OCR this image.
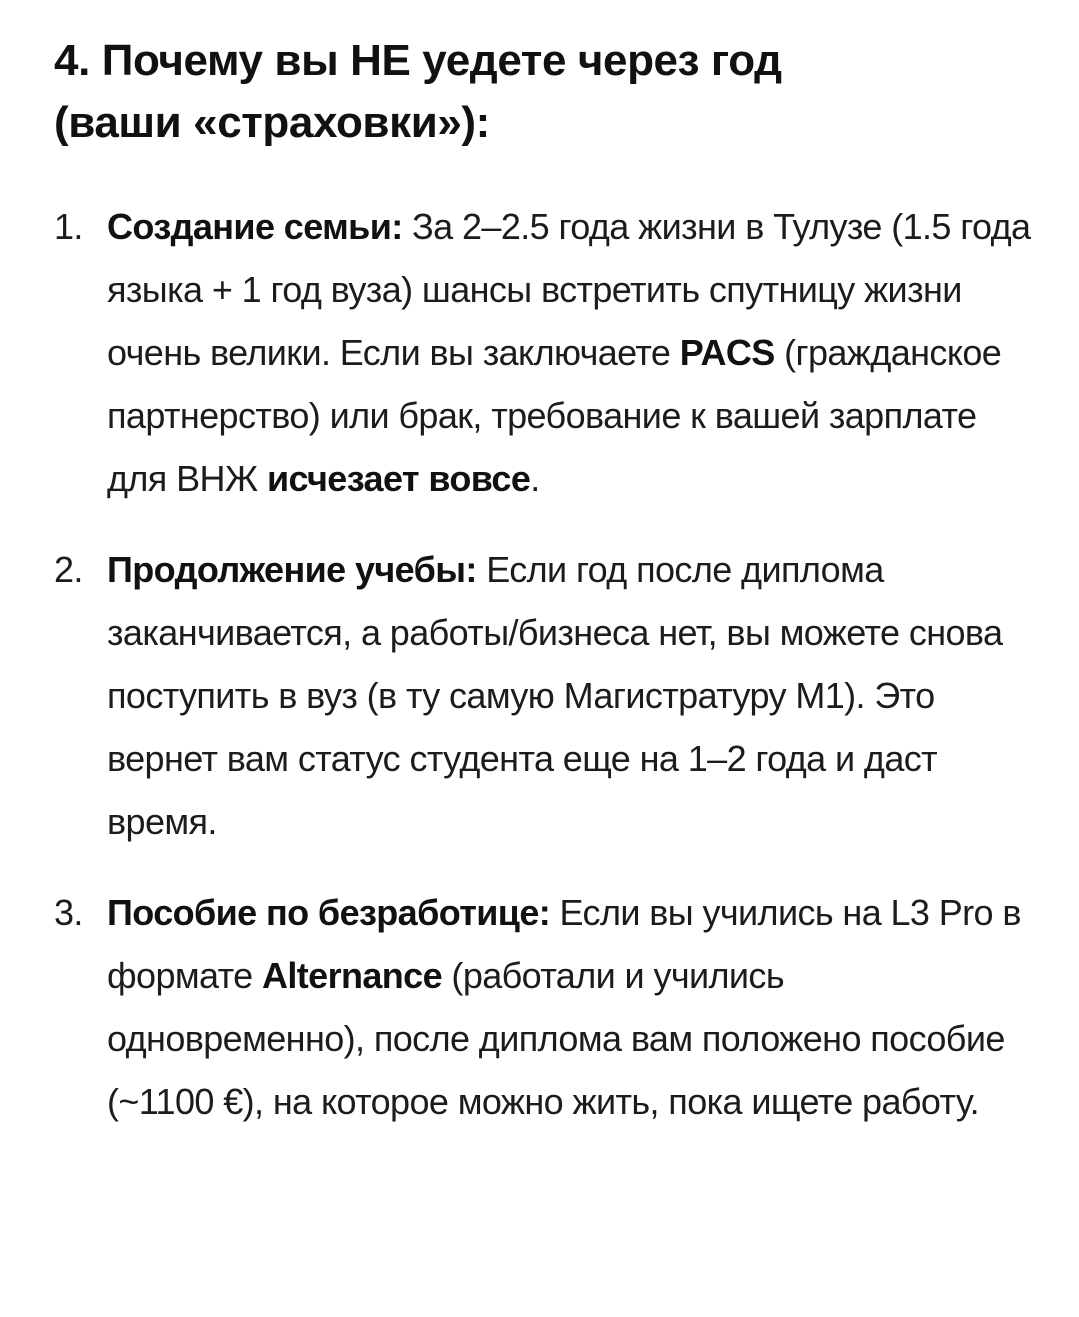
4. Почему вы НЕ уедете через год
(ваши «страховки»):
1. Создание семьи: За 2–2.5 года жизни в Тулузе (1.5 года языка + 1 год вуза) шансы встретить спутницу жизни очень велики. Если вы заключаете PACS (гражданское партнерство) или брак, требование к вашей зарплате для ВНЖ исчезает вовсе.
2. Продолжение учебы: Если год после диплома заканчивается, а работы/бизнеса нет, вы можете снова поступить в вуз (в ту самую Магистратуру M1). Это вернет вам статус студента еще на 1–2 года и даст время.
3. Пособие по безработице: Если вы учились на L3 Pro в формате Alternance (работали и учились одновременно), после диплома вам положено пособие (~1100 €), на которое можно жить, пока ищете работу.
